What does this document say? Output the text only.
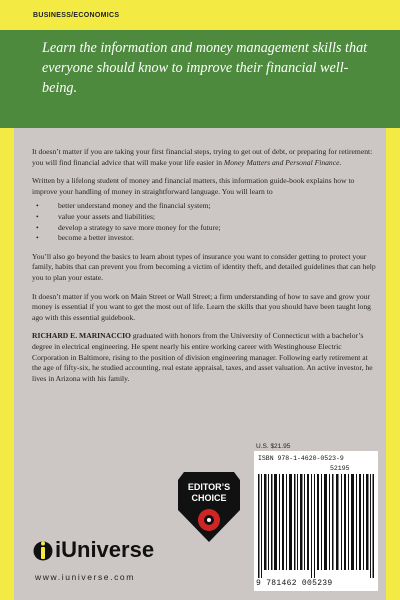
BUSINESS/ECONOMICS

Learn the information and money management skills that everyone should know to improve their financial well-being.

It doesn’t matter if you are taking your first financial steps, trying to get out of debt, or preparing for retirement: you will find financial advice that will make your life easier in Money Matters and Personal Finance.

Written by a lifelong student of money and financial matters, this information guide-book explains how to improve your handling of money in straightforward language. You will learn to

• better understand money and the financial system;
• value your assets and liabilities;
• develop a strategy to save more money for the future;
• become a better investor.

You’ll also go beyond the basics to learn about types of insurance you want to consider getting to protect your family, habits that can prevent you from becoming a victim of identity theft, and detailed guidelines that can help you to plan your estate.

It doesn’t matter if you work on Main Street or Wall Street; a firm understanding of how to save and grow your money is essential if you want to get the most out of life. Learn the skills that you should have been taught long ago with this essential guidebook.

RICHARD E. MARINACCIO graduated with honors from the University of Connecticut with a bachelor’s degree in electrical engineering. He spent nearly his entire working career with Westinghouse Electric Corporation in Baltimore, rising to the position of division engineering manager. Following early retirement at the age of fifty-six, he studied accounting, real estate appraisal, taxes, and asset valuation. An active investor, he lives in Arizona with his family.

U.S. $21.95
ISBN 978-1-4620-0523-9
52195
9 781462 005239
EDITOR’S
CHOICE
iUniverse
www.iuniverse.com
